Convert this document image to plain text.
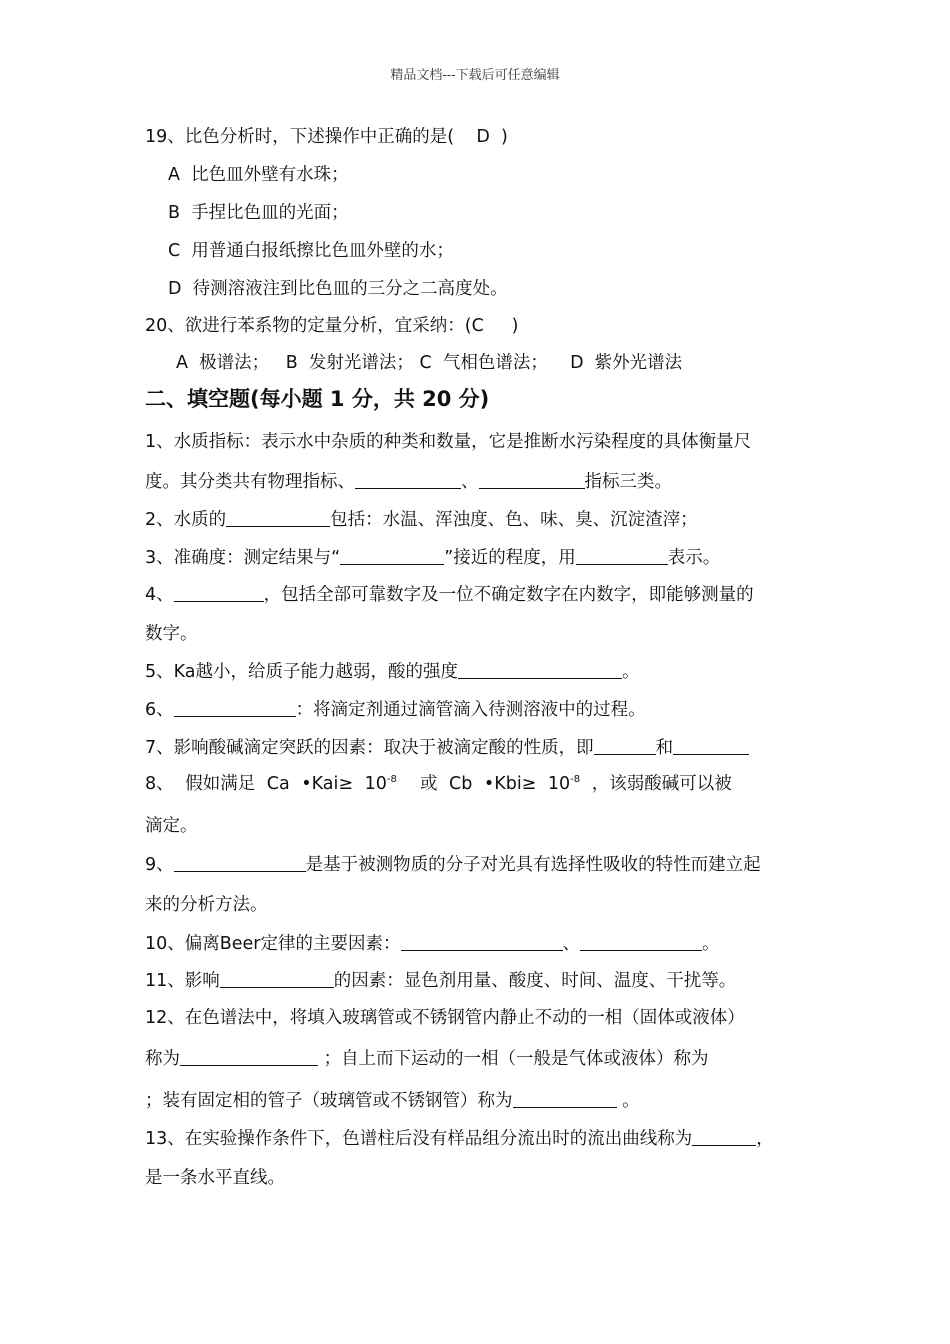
精品文档---下载后可任意编辑
19、比色分析时，下述操作中正确的是(    D  )
A  比色皿外壁有水珠；
B  手捏比色皿的光面；
C  用普通白报纸擦比色皿外壁的水；
D  待测溶液注到比色皿的三分之二高度处。
20、欲进行苯系物的定量分析，宜采纳：(C     )
A  极谱法；   B  发射光谱法； C  气相色谱法；    D  紫外光谱法
二、填空题(每小题 1 分，共 20 分)
1、水质指标：表示水中杂质的种类和数量，它是推断水污染程度的具体衡量尺
度。其分类共有物理指标、	、	指标三类。
2、水质的	包括：水温、浑浊度、色、味、臭、沉淀渣滓；
3、准确度：测定结果与“	”接近的程度，用	表示。
4、	，包括全部可靠数字及一位不确定数字在内数字，即能够测量的
数字。
5、Ka越小，给质子能力越弱，酸的强度	。
6、	：将滴定剂通过滴管滴入待测溶液中的过程。
7、影响酸碱滴定突跃的因素：取决于被滴定酸的性质，即	和
8、 假如满足 Ca •Kai≥ $10^{-8}$  或 Cb •Kbi≥ $10^{-8}$ ，该弱酸碱可以被
滴定。
9、	是基于被测物质的分子对光具有选择性吸收的特性而建立起
来的分析方法。
10、偏离Beer定律的主要因素：	、	。
11、影响	的因素：显色剂用量、酸度、时间、温度、干扰等。
12、在色谱法中，将填入玻璃管或不锈钢管内静止不动的一相（固体或液体）
称为	；自上而下运动的一相（一般是气体或液体）称为
；装有固定相的管子（玻璃管或不锈钢管）称为	。
13、在实验操作条件下，色谱柱后没有样品组分流出时的流出曲线称为	，
是一条水平直线。
